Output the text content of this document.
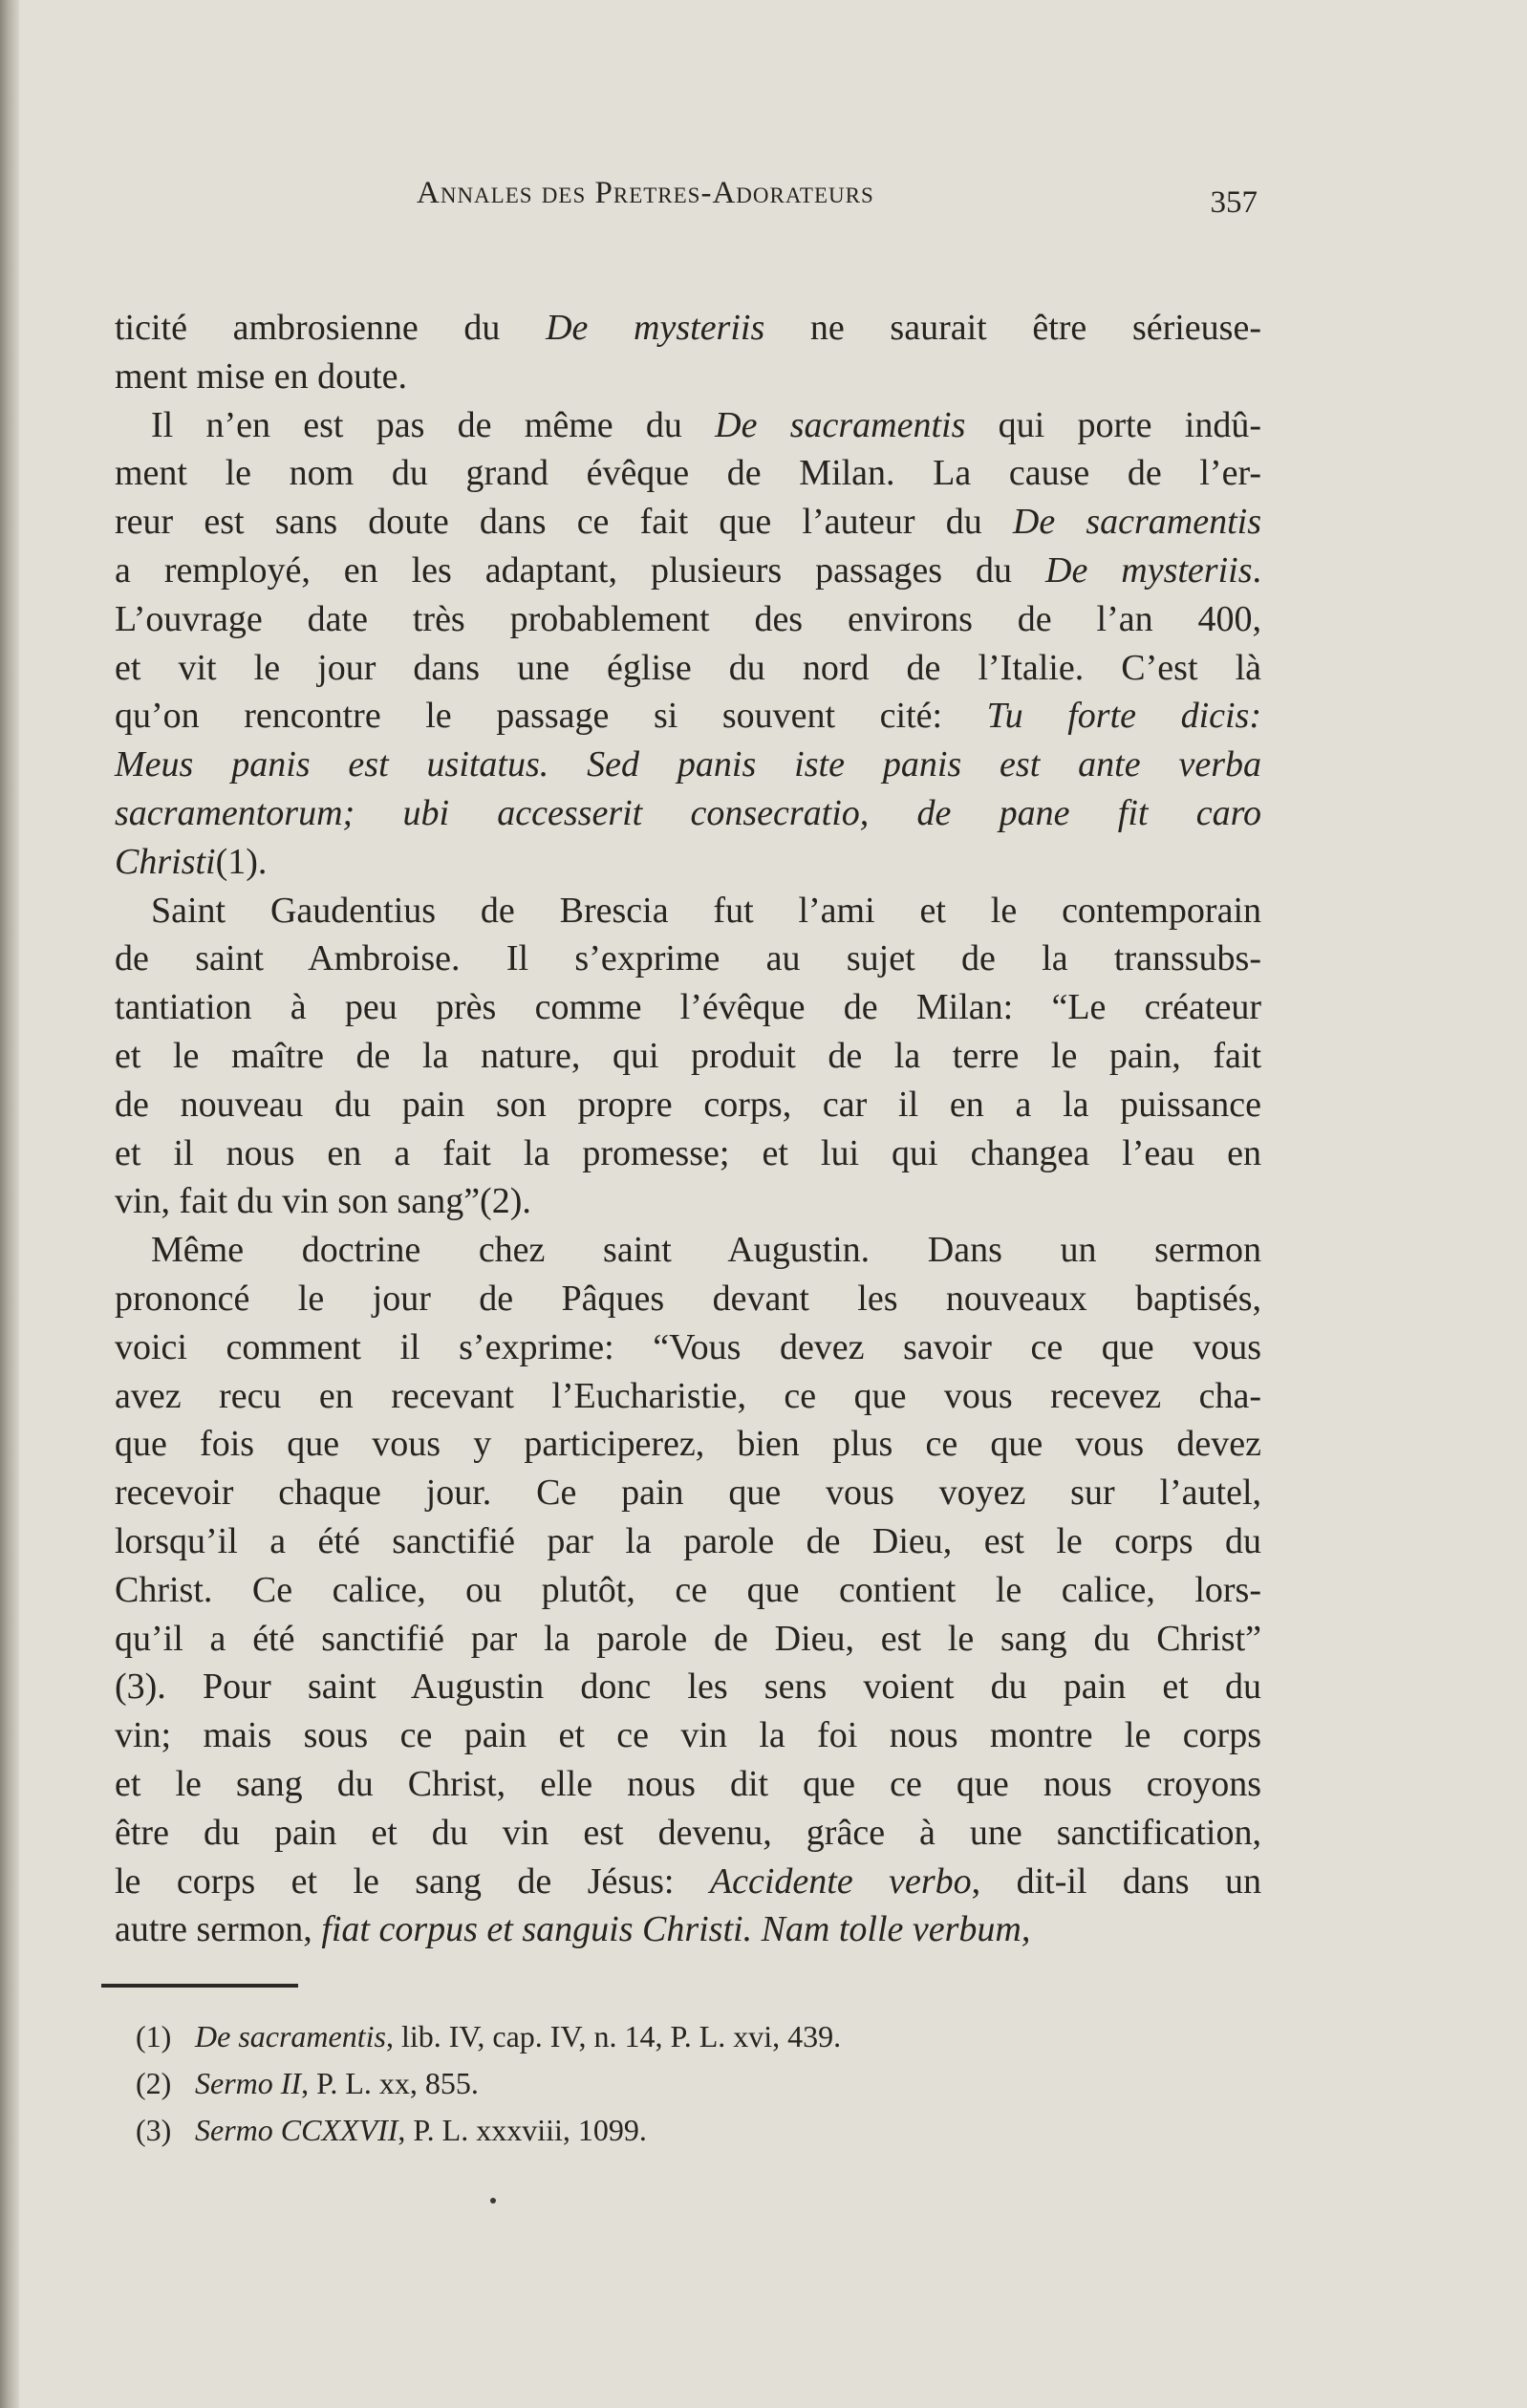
Annales des Pretres-Adorateurs	357
ticité ambrosienne du De mysteriis ne saurait être sérieuse-
ment mise en doute.
 Il n’en est pas de même du De sacramentis qui porte indû-
ment le nom du grand évêque de Milan. La cause de l’er-
reur est sans doute dans ce fait que l’auteur du De sacramentis
a remployé, en les adaptant, plusieurs passages du De mysteriis.
L’ouvrage date très probablement des environs de l’an 400,
et vit le jour dans une église du nord de l’Italie. C’est là
qu’on rencontre le passage si souvent cité: Tu forte dicis:
Meus panis est usitatus. Sed panis iste panis est ante verba
sacramentorum; ubi accesserit consecratio, de pane fit caro
Christi(1).
 Saint Gaudentius de Brescia fut l’ami et le contemporain
de saint Ambroise. Il s’exprime au sujet de la transsubs-
tantiation à peu près comme l’évêque de Milan: “Le créateur
et le maître de la nature, qui produit de la terre le pain, fait
de nouveau du pain son propre corps, car il en a la puissance
et il nous en a fait la promesse; et lui qui changea l’eau en
vin, fait du vin son sang”(2).
 Même doctrine chez saint Augustin. Dans un sermon
prononcé le jour de Pâques devant les nouveaux baptisés,
voici comment il s’exprime: “Vous devez savoir ce que vous
avez recu en recevant l’Eucharistie, ce que vous recevez cha-
que fois que vous y participerez, bien plus ce que vous devez
recevoir chaque jour. Ce pain que vous voyez sur l’autel,
lorsqu’il a été sanctifié par la parole de Dieu, est le corps du
Christ. Ce calice, ou plutôt, ce que contient le calice, lors-
qu’il a été sanctifié par la parole de Dieu, est le sang du Christ”
(3). Pour saint Augustin donc les sens voient du pain et du
vin; mais sous ce pain et ce vin la foi nous montre le corps
et le sang du Christ, elle nous dit que ce que nous croyons
être du pain et du vin est devenu, grâce à une sanctification,
le corps et le sang de Jésus: Accidente verbo, dit-il dans un
autre sermon, fiat corpus et sanguis Christi. Nam tolle verbum,
(1) De sacramentis, lib. IV, cap. IV, n. 14, P. L. xvi, 439.
(2) Sermo II, P. L. xx, 855.
(3) Sermo CCXXVII, P. L. xxxviii, 1099.
